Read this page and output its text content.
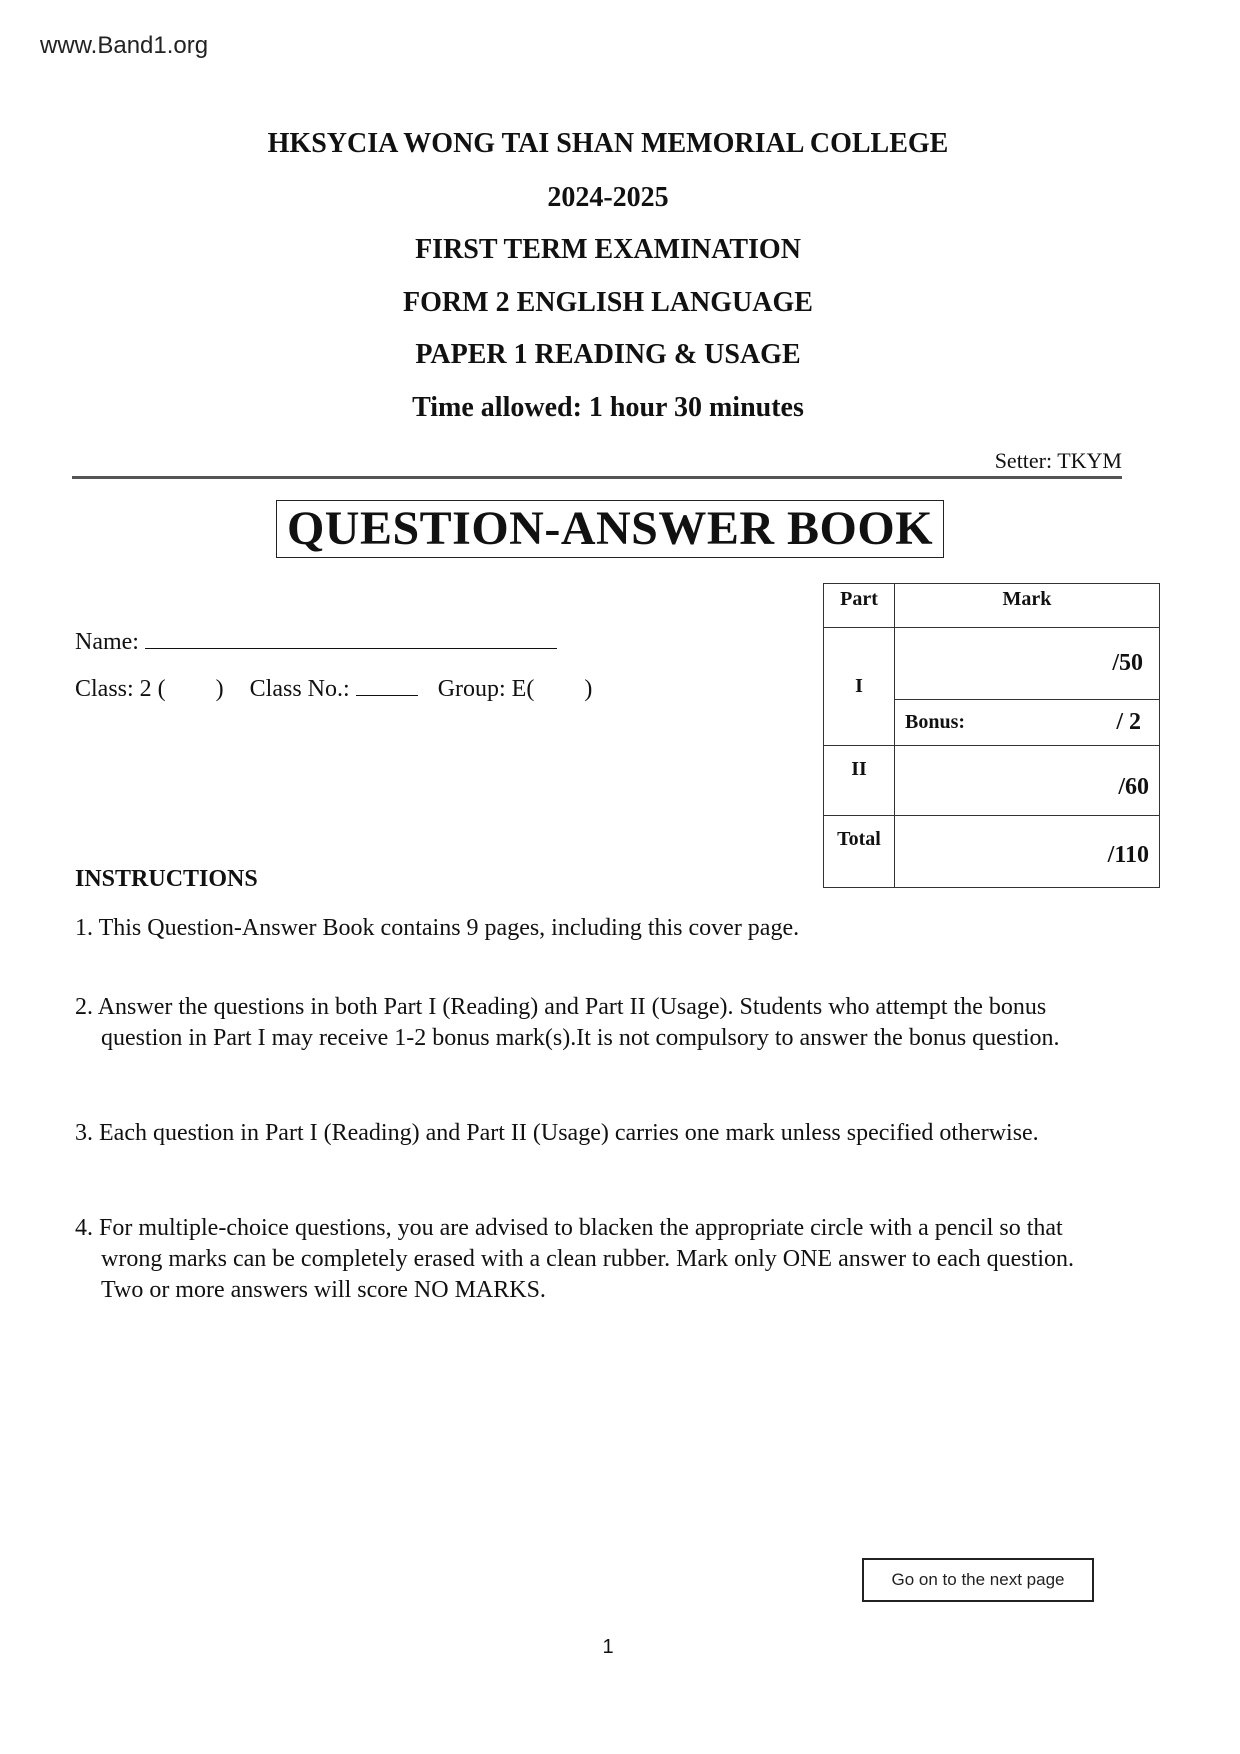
www.Band1.org
HKSYCIA WONG TAI SHAN MEMORIAL COLLEGE
2024-2025
FIRST TERM EXAMINATION
FORM 2 ENGLISH LANGUAGE
PAPER 1 READING & USAGE
Time allowed: 1 hour 30 minutes
Setter: TKYM
QUESTION-ANSWER BOOK
Name:
Class: 2 ( ) Class No.:	Group: E( )
Part	Mark
I	/50

	Bonus: / 2

II	/60
Total	/110
INSTRUCTIONS
1. This Question-Answer Book contains 9 pages, including this cover page.
2. Answer the questions in both Part I (Reading) and Part II (Usage). Students who attempt the bonus
question in Part I may receive 1-2 bonus mark(s).It is not compulsory to answer the bonus question.
3. Each question in Part I (Reading) and Part II (Usage) carries one mark unless specified otherwise.
4. For multiple-choice questions, you are advised to blacken the appropriate circle with a pencil so that
wrong marks can be completely erased with a clean rubber. Mark only ONE answer to each question.
Two or more answers will score NO MARKS.
Go on to the next page
1
